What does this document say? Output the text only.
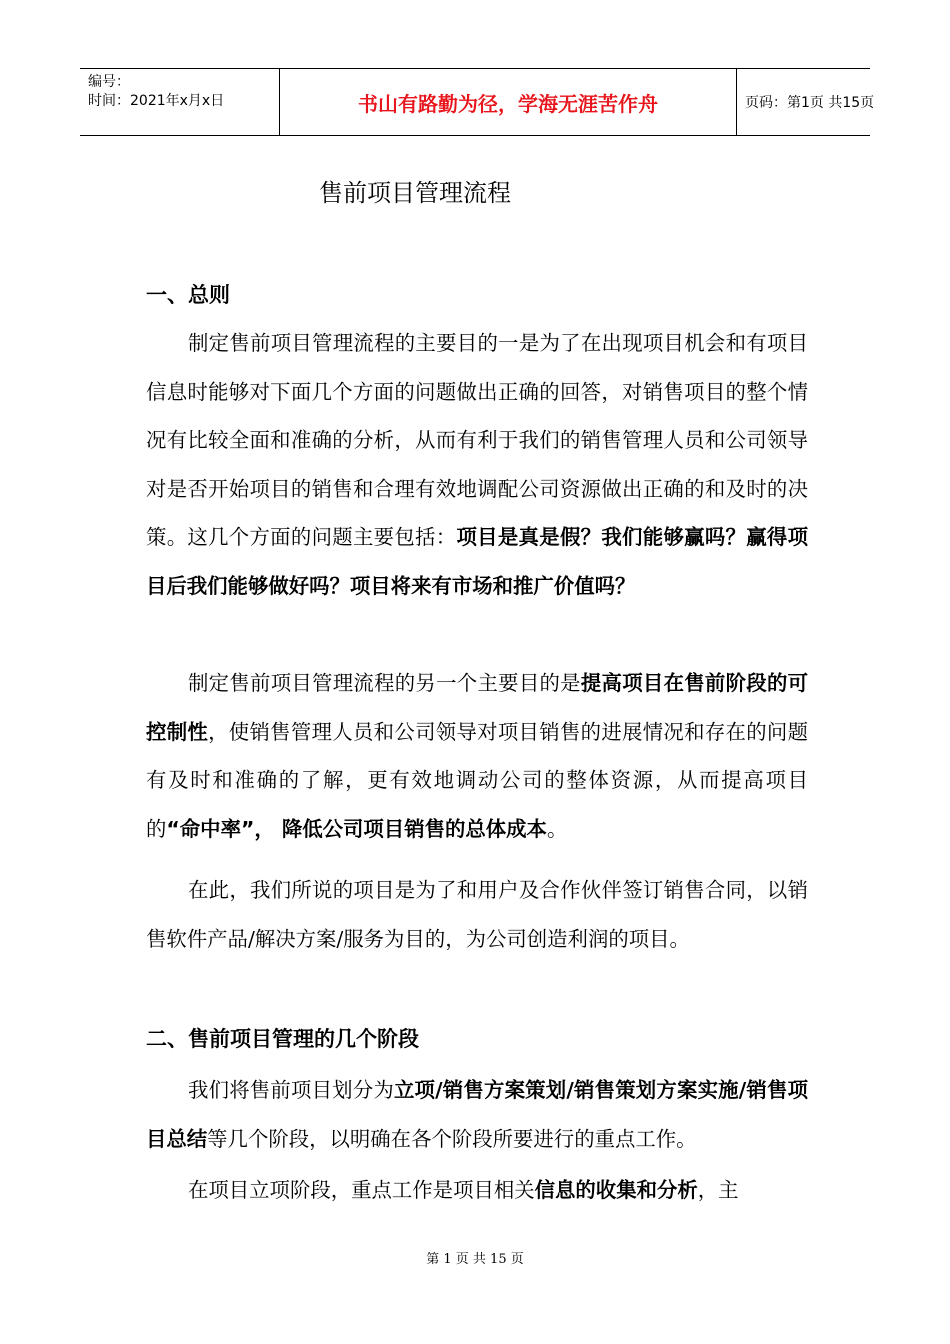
编号：
时间：2021年x月x日	书山有路勤为径，学海无涯苦作舟	页码：第1页 共15页
售前项目管理流程
一、总则
制定售前项目管理流程的主要目的一是为了在出现项目机会和有项目信息时能够对下面几个方面的问题做出正确的回答，对销售项目的整个情况有比较全面和准确的分析，从而有利于我们的销售管理人员和公司领导对是否开始项目的销售和合理有效地调配公司资源做出正确的和及时的决策。这几个方面的问题主要包括：项目是真是假？我们能够赢吗？赢得项目后我们能够做好吗？项目将来有市场和推广价值吗？
制定售前项目管理流程的另一个主要目的是提高项目在售前阶段的可控制性，使销售管理人员和公司领导对项目销售的进展情况和存在的问题有及时和准确的了解，更有效地调动公司的整体资源，从而提高项目的“命中率”， 降低公司项目销售的总体成本。
在此，我们所说的项目是为了和用户及合作伙伴签订销售合同，以销售软件产品/解决方案/服务为目的，为公司创造利润的项目。
二、售前项目管理的几个阶段
我们将售前项目划分为立项/销售方案策划/销售策划方案实施/销售项目总结等几个阶段，以明确在各个阶段所要进行的重点工作。
在项目立项阶段，重点工作是项目相关信息的收集和分析，主
第 1 页 共 15 页
